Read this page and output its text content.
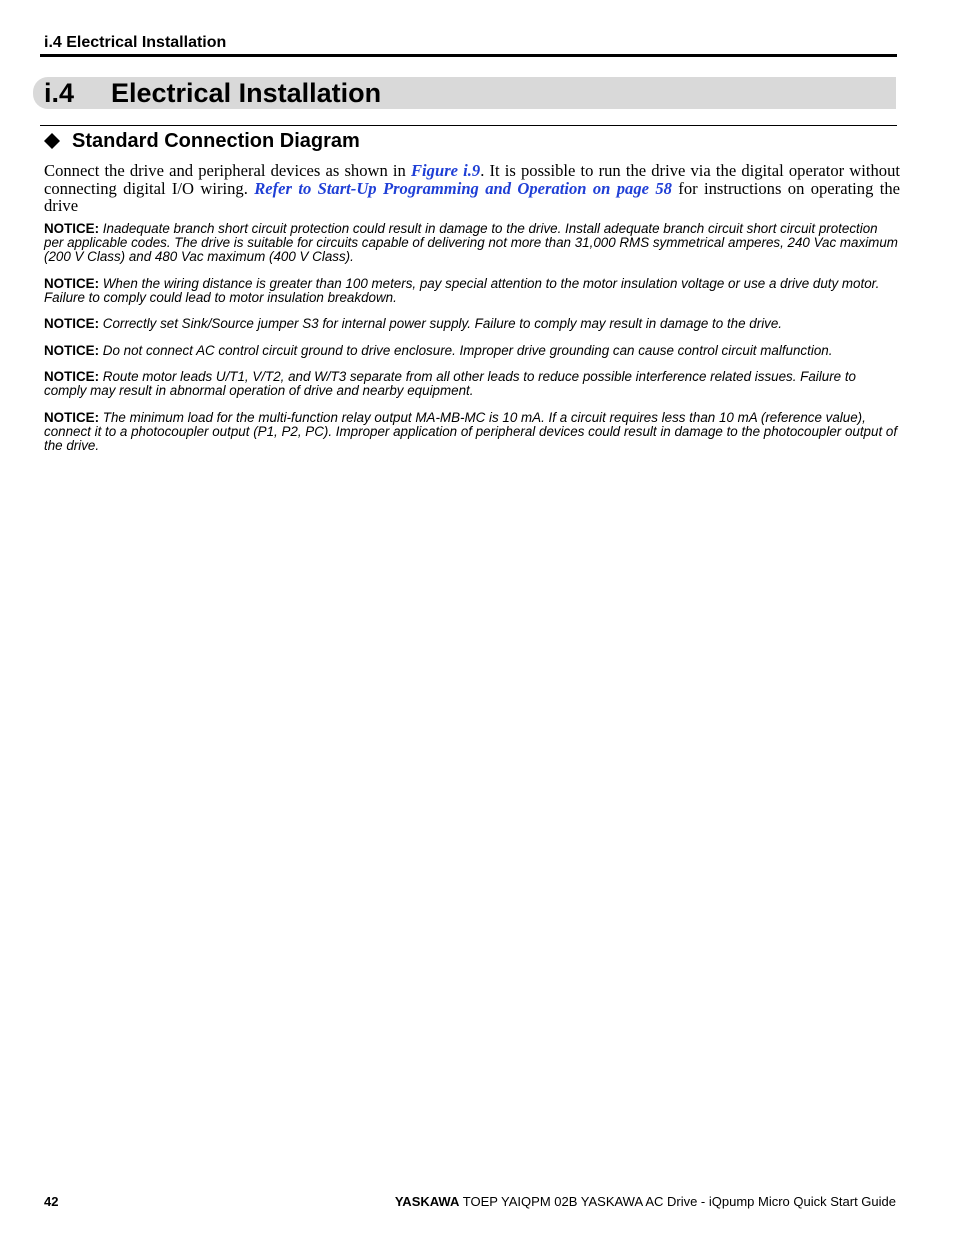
i.4 Electrical Installation
i.4 Electrical Installation
Standard Connection Diagram

Connect the drive and peripheral devices as shown in Figure i.9. It is possible to run the drive via the digital operator without connecting digital I/O wiring. Refer to Start-Up Programming and Operation on page 58 for instructions on operating the drive

NOTICE: Inadequate branch short circuit protection could result in damage to the drive. Install adequate branch circuit short circuit protection per applicable codes. The drive is suitable for circuits capable of delivering not more than 31,000 RMS symmetrical amperes, 240 Vac maximum (200 V Class) and 480 Vac maximum (400 V Class).

NOTICE: When the wiring distance is greater than 100 meters, pay special attention to the motor insulation voltage or use a drive duty motor. Failure to comply could lead to motor insulation breakdown.

NOTICE: Correctly set Sink/Source jumper S3 for internal power supply. Failure to comply may result in damage to the drive.

NOTICE: Do not connect AC control circuit ground to drive enclosure. Improper drive grounding can cause control circuit malfunction.

NOTICE: Route motor leads U/T1, V/T2, and W/T3 separate from all other leads to reduce possible interference related issues. Failure to comply may result in abnormal operation of drive and nearby equipment.

NOTICE: The minimum load for the multi-function relay output MA-MB-MC is 10 mA. If a circuit requires less than 10 mA (reference value), connect it to a photocoupler output (P1, P2, PC). Improper application of peripheral devices could result in damage to the photocoupler output of the drive.

42	YASKAWA TOEP YAIQPM 02B YASKAWA AC Drive - iQpump Micro Quick Start Guide
